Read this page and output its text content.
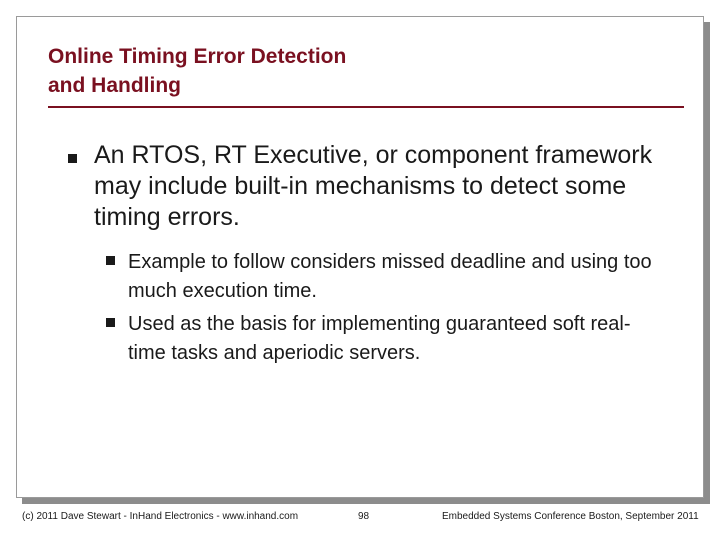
Online Timing Error Detection
and Handling
An RTOS, RT Executive, or component framework may include built-in mechanisms to detect some timing errors.
Example to follow considers missed deadline and using too much execution time.
Used as the basis for implementing guaranteed soft real-time tasks and aperiodic servers.
(c) 2011 Dave Stewart - InHand Electronics - www.inhand.com	98	Embedded Systems Conference Boston, September 2011
